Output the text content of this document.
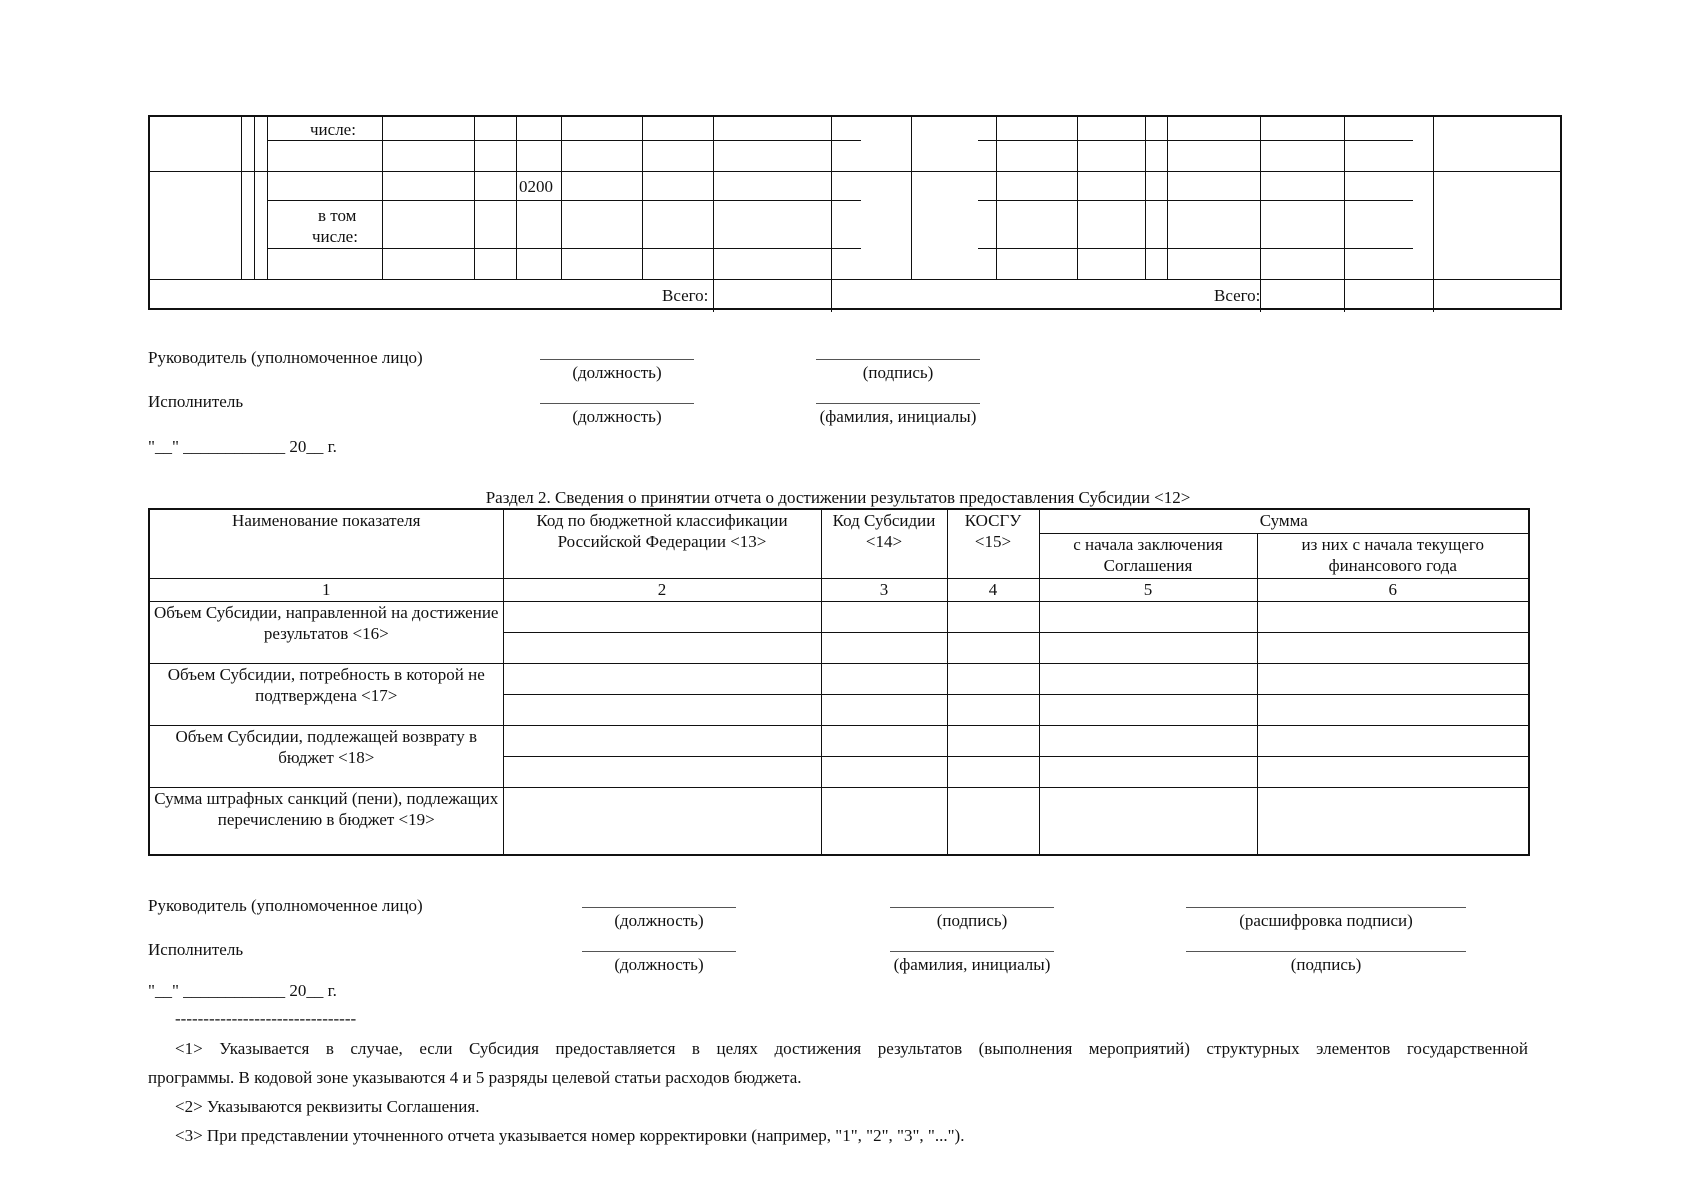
числе:
0200
в том
числе:
Всего:	Всего:
Руководитель (уполномоченное лицо)
(должность)	(подпись)
Исполнитель
(должность)	(фамилия, инициалы)
"__" ____________ 20__ г.
Раздел 2. Сведения о принятии отчета о достижении результатов предоставления Субсидии <12>
Наименование показателя	Код по бюджетной классификации Российской Федерации <13>	Код Субсидии <14>	КОСГУ <15>	Сумма	
				с начала заключения Соглашения	из них с начала текущего финансового года
1	2	3	4	5	6
Объем Субсидии, направленной на достижение результатов <16>					

Объем Субсидии, потребность в которой не подтверждена <17>					

Объем Субсидии, подлежащей возврату в бюджет <18>					

Сумма штрафных санкций (пени), подлежащих перечислению в бюджет <19>					
Руководитель (уполномоченное лицо)
(должность)	(подпись)	(расшифровка подписи)
Исполнитель
(должность)	(фамилия, инициалы)	(подпись)
"__" ____________ 20__ г.
--------------------------------
<1> Указывается в случае, если Субсидия предоставляется в целях достижения результатов (выполнения мероприятий) структурных элементов государственной
программы. В кодовой зоне указываются 4 и 5 разряды целевой статьи расходов бюджета.
<2> Указываются реквизиты Соглашения.
<3> При представлении уточненного отчета указывается номер корректировки (например, "1", "2", "3", "...").
